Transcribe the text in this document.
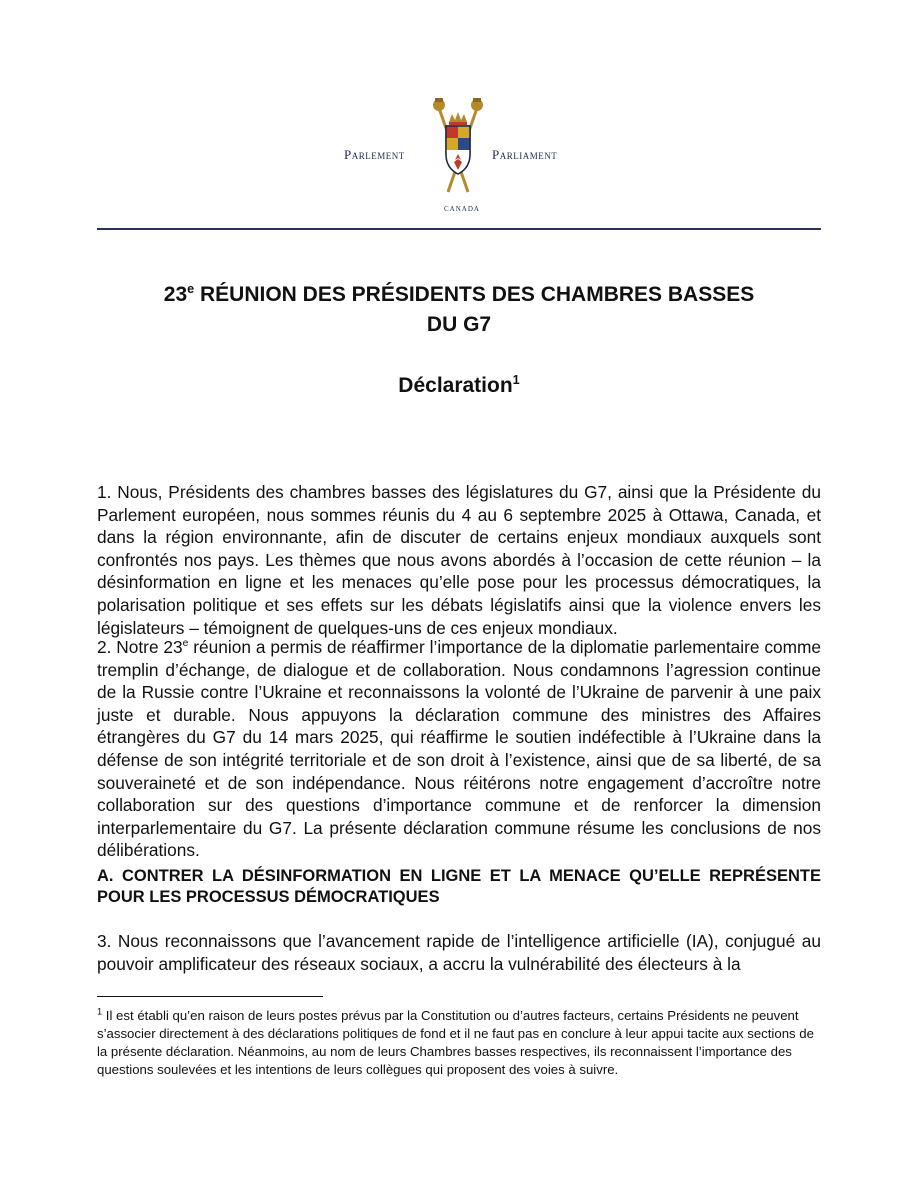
Parlement	Parliament
CANADA
23e RÉUNION DES PRÉSIDENTS DES CHAMBRES BASSES
DU G7
Déclaration$^1$
1. Nous, Présidents des chambres basses des législatures du G7, ainsi que la Présidente du Parlement européen, nous sommes réunis du 4 au 6 septembre 2025 à Ottawa, Canada, et dans la région environnante, afin de discuter de certains enjeux mondiaux auxquels sont confrontés nos pays. Les thèmes que nous avons abordés à l’occasion de cette réunion – la désinformation en ligne et les menaces qu’elle pose pour les processus démocratiques, la polarisation politique et ses effets sur les débats législatifs ainsi que la violence envers les législateurs – témoignent de quelques-uns de ces enjeux mondiaux.
2. Notre 23e réunion a permis de réaffirmer l’importance de la diplomatie parlementaire comme tremplin d’échange, de dialogue et de collaboration. Nous condamnons l’agression continue de la Russie contre l’Ukraine et reconnaissons la volonté de l’Ukraine de parvenir à une paix juste et durable. Nous appuyons la déclaration commune des ministres des Affaires étrangères du G7 du 14 mars 2025, qui réaffirme le soutien indéfectible à l’Ukraine dans la défense de son intégrité territoriale et de son droit à l’existence, ainsi que de sa liberté, de sa souveraineté et de son indépendance. Nous réitérons notre engagement d’accroître notre collaboration sur des questions d’importance commune et de renforcer la dimension interparlementaire du G7. La présente déclaration commune résume les conclusions de nos délibérations.
A. CONTRER LA DÉSINFORMATION EN LIGNE ET LA MENACE QU’ELLE REPRÉSENTE POUR LES PROCESSUS DÉMOCRATIQUES
3. Nous reconnaissons que l’avancement rapide de l’intelligence artificielle (IA), conjugué au pouvoir amplificateur des réseaux sociaux, a accru la vulnérabilité des électeurs à la
$^1$ Il est établi qu’en raison de leurs postes prévus par la Constitution ou d’autres facteurs, certains Présidents ne peuvent s’associer directement à des déclarations politiques de fond et il ne faut pas en conclure à leur appui tacite aux sections de la présente déclaration. Néanmoins, au nom de leurs Chambres basses respectives, ils reconnaissent l’importance des questions soulevées et les intentions de leurs collègues qui proposent des voies à suivre.
